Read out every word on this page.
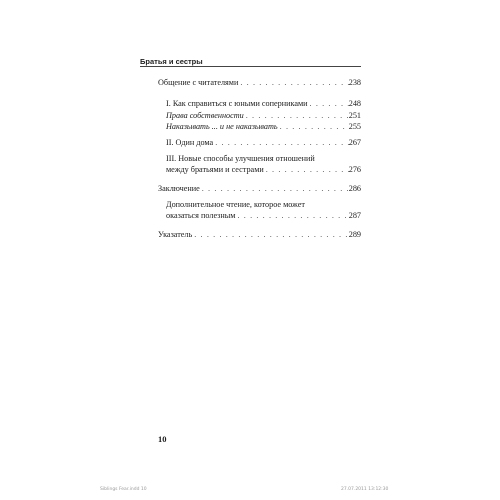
Братья и сестры
Общение с читателями . . .	238
I. Как справиться с юными соперниками . . .	248
Права собственности . . .	251
Наказывать ... и не наказывать . . .	255
II. Один дома . . .	267
III. Новые способы улучшения отношений
между братьями и сестрами . . .	276
Заключение . . .	286
Дополнительное чтение, которое может
оказаться полезным . . .	287
Указатель . . .	289
10
Siblings Fear.indd 10	27.07.2011 13:12:30
